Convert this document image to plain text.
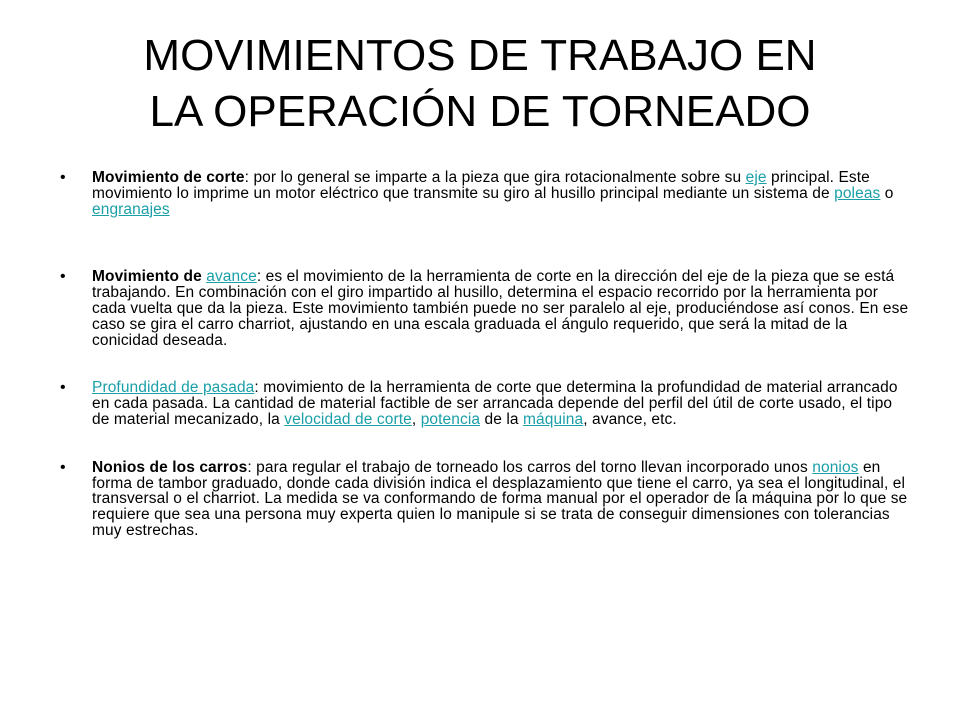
MOVIMIENTOS DE TRABAJO EN
LA OPERACIÓN DE TORNEADO
• Movimiento de corte: por lo general se imparte a la pieza que gira rotacionalmente sobre su eje principal. Este movimiento lo imprime un motor eléctrico que transmite su giro al husillo principal mediante un sistema de poleas o engranajes
• Movimiento de avance: es el movimiento de la herramienta de corte en la dirección del eje de la pieza que se está trabajando. En combinación con el giro impartido al husillo, determina el espacio recorrido por la herramienta por cada vuelta que da la pieza. Este movimiento también puede no ser paralelo al eje, produciéndose así conos. En ese caso se gira el carro charriot, ajustando en una escala graduada el ángulo requerido, que será la mitad de la conicidad deseada.
• Profundidad de pasada: movimiento de la herramienta de corte que determina la profundidad de material arrancado en cada pasada. La cantidad de material factible de ser arrancada depende del perfil del útil de corte usado, el tipo de material mecanizado, la velocidad de corte, potencia de la máquina, avance, etc.
• Nonios de los carros: para regular el trabajo de torneado los carros del torno llevan incorporado unos nonios en forma de tambor graduado, donde cada división indica el desplazamiento que tiene el carro, ya sea el longitudinal, el transversal o el charriot. La medida se va conformando de forma manual por el operador de la máquina por lo que se requiere que sea una persona muy experta quien lo manipule si se trata de conseguir dimensiones con tolerancias muy estrechas.
